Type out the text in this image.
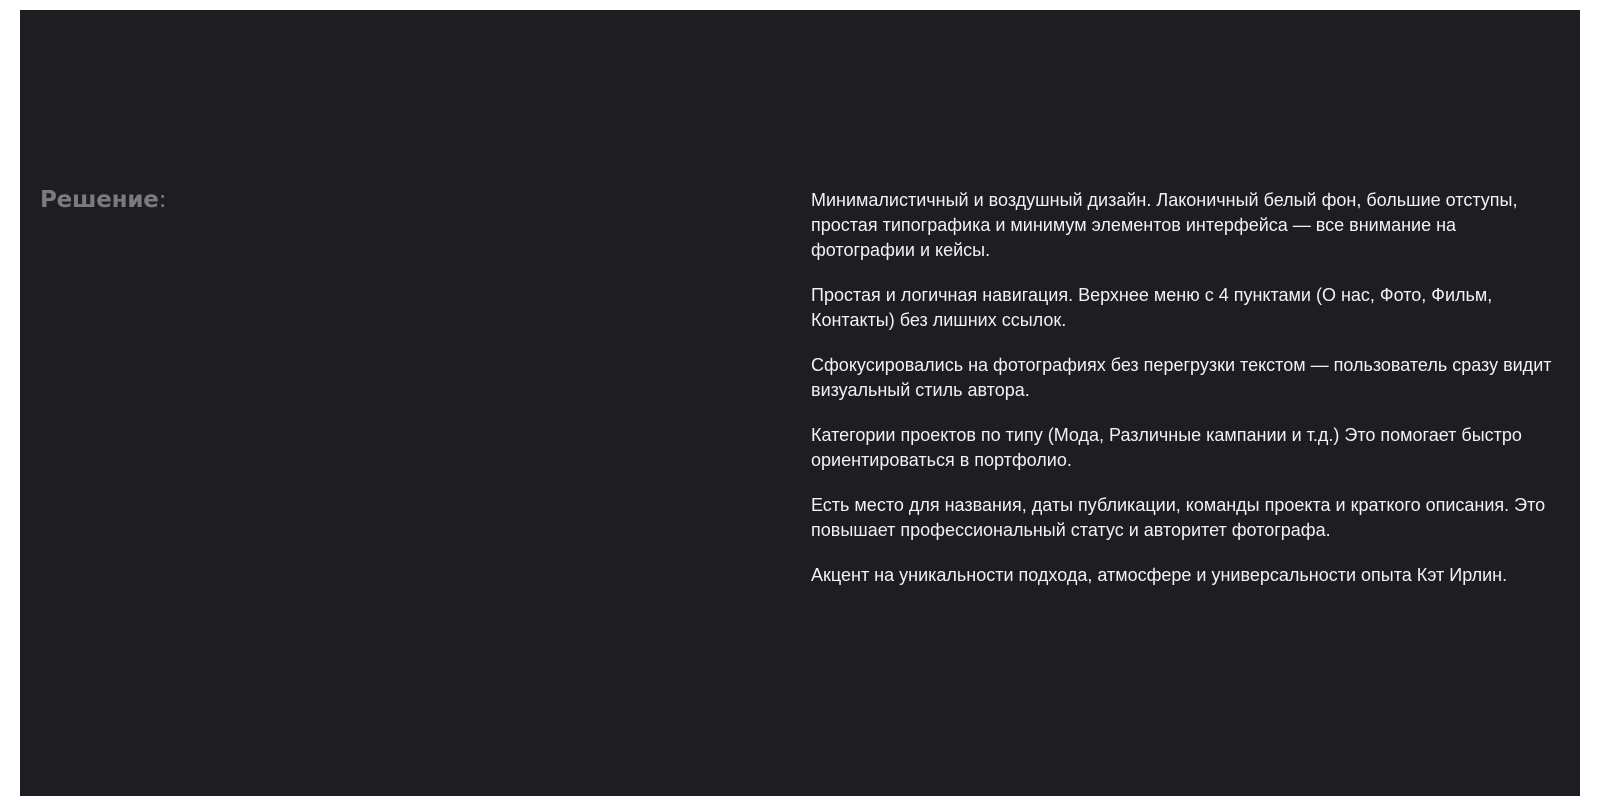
Решение:	Минималистичный и воздушный дизайн. Лаконичный белый фон, большие отступы, простая типографика и минимум элементов интерфейса — все внимание на фотографии и кейсы.

Простая и логичная навигация. Верхнее меню с 4 пунктами (О нас, Фото, Фильм, Контакты) без лишних ссылок.

Сфокусировались на фотографиях без перегрузки текстом — пользователь сразу видит визуальный стиль автора.

Категории проектов по типу (Мода, Различные кампании и т.д.) Это помогает быстро ориентироваться в портфолио.

Есть место для названия, даты публикации, команды проекта и краткого описания. Это повышает профессиональный статус и авторитет фотографа.

Акцент на уникальности подхода, атмосфере и универсальности опыта Кэт Ирлин.
